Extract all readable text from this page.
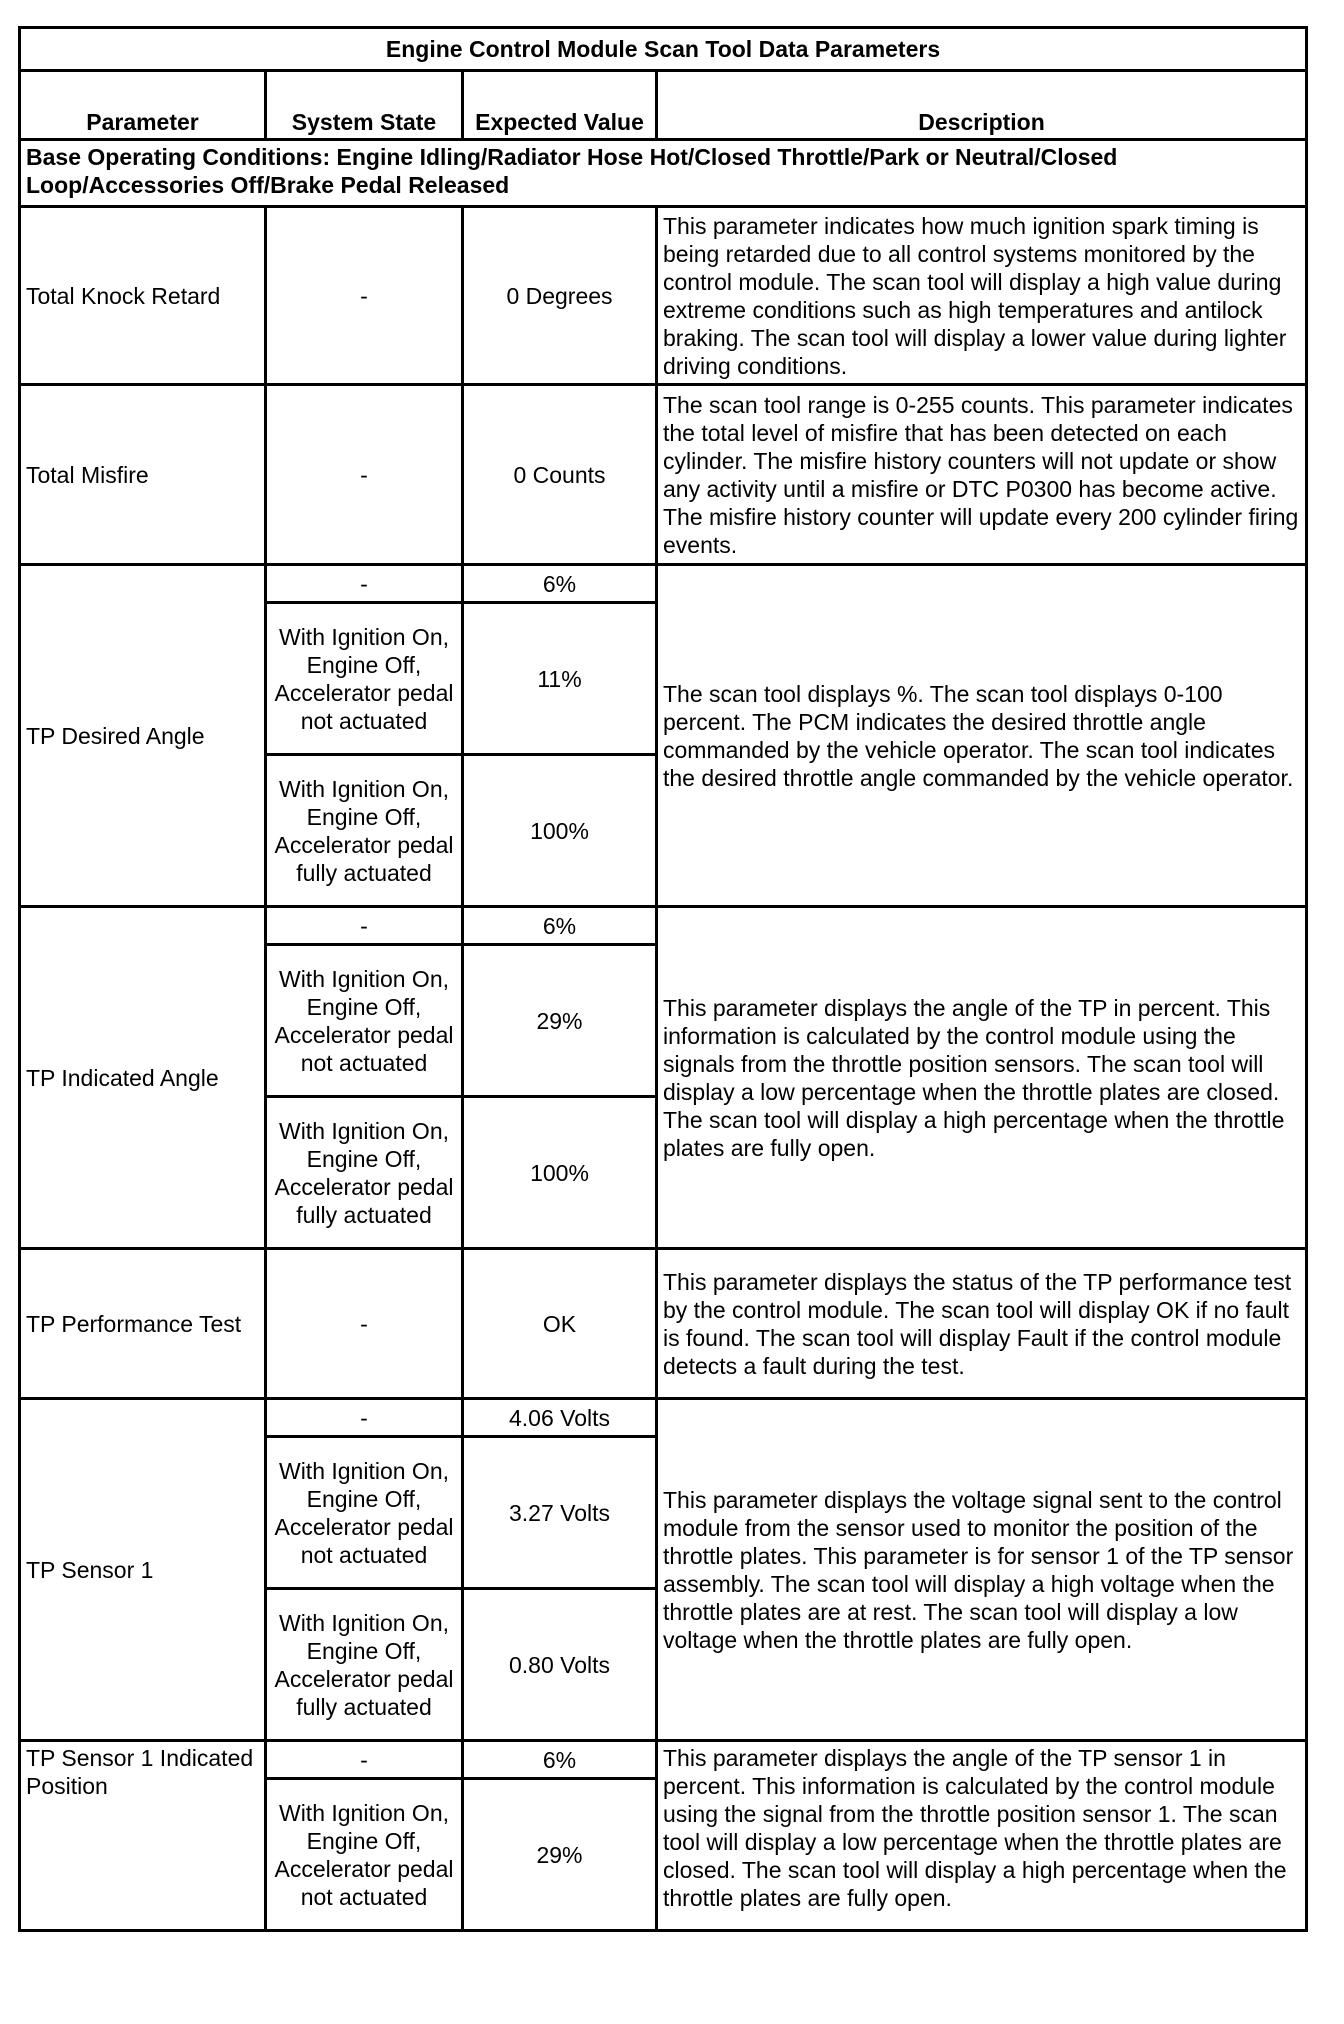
Engine Control Module Scan Tool Data Parameters			
Parameter	System State	Expected Value	Description
Base Operating Conditions: Engine Idling/Radiator Hose Hot/Closed Throttle/Park or Neutral/Closed Loop/Accessories Off/Brake Pedal Released			
Total Knock Retard	-	0 Degrees	This parameter indicates how much ignition spark timing is being retarded due to all control systems monitored by the control module. The scan tool will display a high value during extreme conditions such as high temperatures and antilock braking. The scan tool will display a lower value during lighter driving conditions.
Total Misfire	-	0 Counts	The scan tool range is 0-255 counts. This parameter indicates the total level of misfire that has been detected on each cylinder. The misfire history counters will not update or show any activity until a misfire or DTC P0300 has become active. The misfire history counter will update every 200 cylinder firing events.
TP Desired Angle	-	6%	The scan tool displays %. The scan tool displays 0-100 percent. The PCM indicates the desired throttle angle commanded by the vehicle operator. The scan tool indicates the desired throttle angle commanded by the vehicle operator.
	With Ignition On, Engine Off, Accelerator pedal not actuated	11%	
	With Ignition On, Engine Off, Accelerator pedal fully actuated	100%	
TP Indicated Angle	-	6%	This parameter displays the angle of the TP in percent. This information is calculated by the control module using the signals from the throttle position sensors. The scan tool will display a low percentage when the throttle plates are closed. The scan tool will display a high percentage when the throttle plates are fully open.
	With Ignition On, Engine Off, Accelerator pedal not actuated	29%	
	With Ignition On, Engine Off, Accelerator pedal fully actuated	100%	
TP Performance Test	-	OK	This parameter displays the status of the TP performance test by the control module. The scan tool will display OK if no fault is found. The scan tool will display Fault if the control module detects a fault during the test.
TP Sensor 1	-	4.06 Volts	This parameter displays the voltage signal sent to the control module from the sensor used to monitor the position of the throttle plates. This parameter is for sensor 1 of the TP sensor assembly. The scan tool will display a high voltage when the throttle plates are at rest. The scan tool will display a low voltage when the throttle plates are fully open.
	With Ignition On, Engine Off, Accelerator pedal not actuated	3.27 Volts	
	With Ignition On, Engine Off, Accelerator pedal fully actuated	0.80 Volts	
TP Sensor 1 Indicated Position	-	6%	This parameter displays the angle of the TP sensor 1 in percent. This information is calculated by the control module using the signal from the throttle position sensor 1. The scan tool will display a low percentage when the throttle plates are closed. The scan tool will display a high percentage when the throttle plates are fully open.
	With Ignition On, Engine Off, Accelerator pedal not actuated	29%	
